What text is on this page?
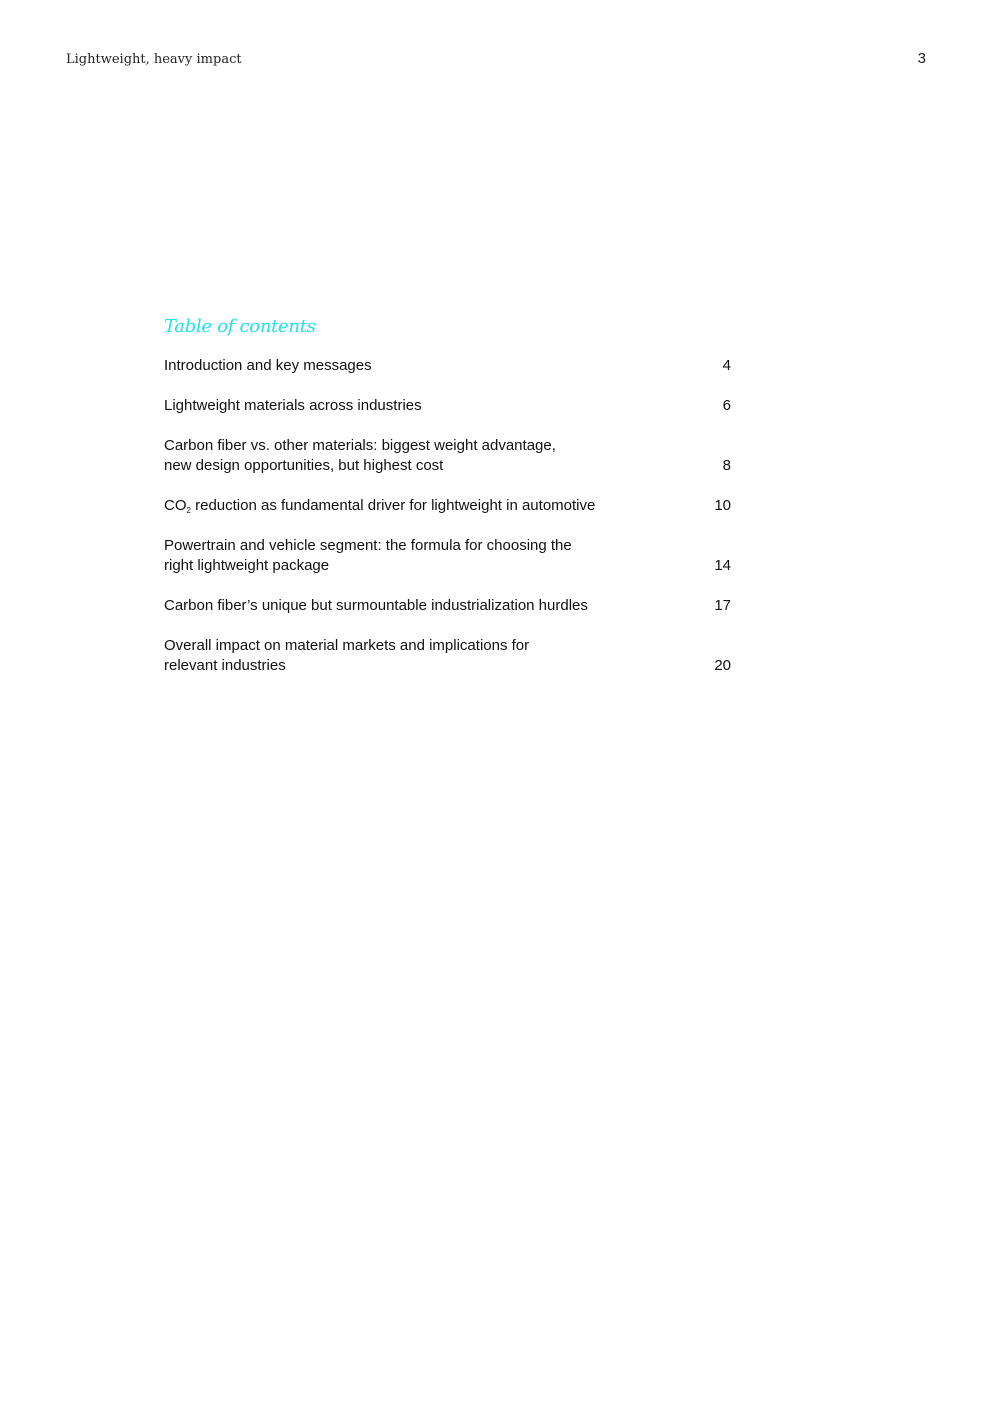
Lightweight, heavy impact	3
Table of contents
Introduction and key messages	4
Lightweight materials across industries	6
Carbon fiber vs. other materials: biggest weight advantage,
new design opportunities, but highest cost	8
$CO_2$ reduction as fundamental driver for lightweight in automotive	10
Powertrain and vehicle segment: the formula for choosing the
right lightweight package	14
Carbon fiber’s unique but surmountable industrialization hurdles	17
Overall impact on material markets and implications for
relevant industries	20
